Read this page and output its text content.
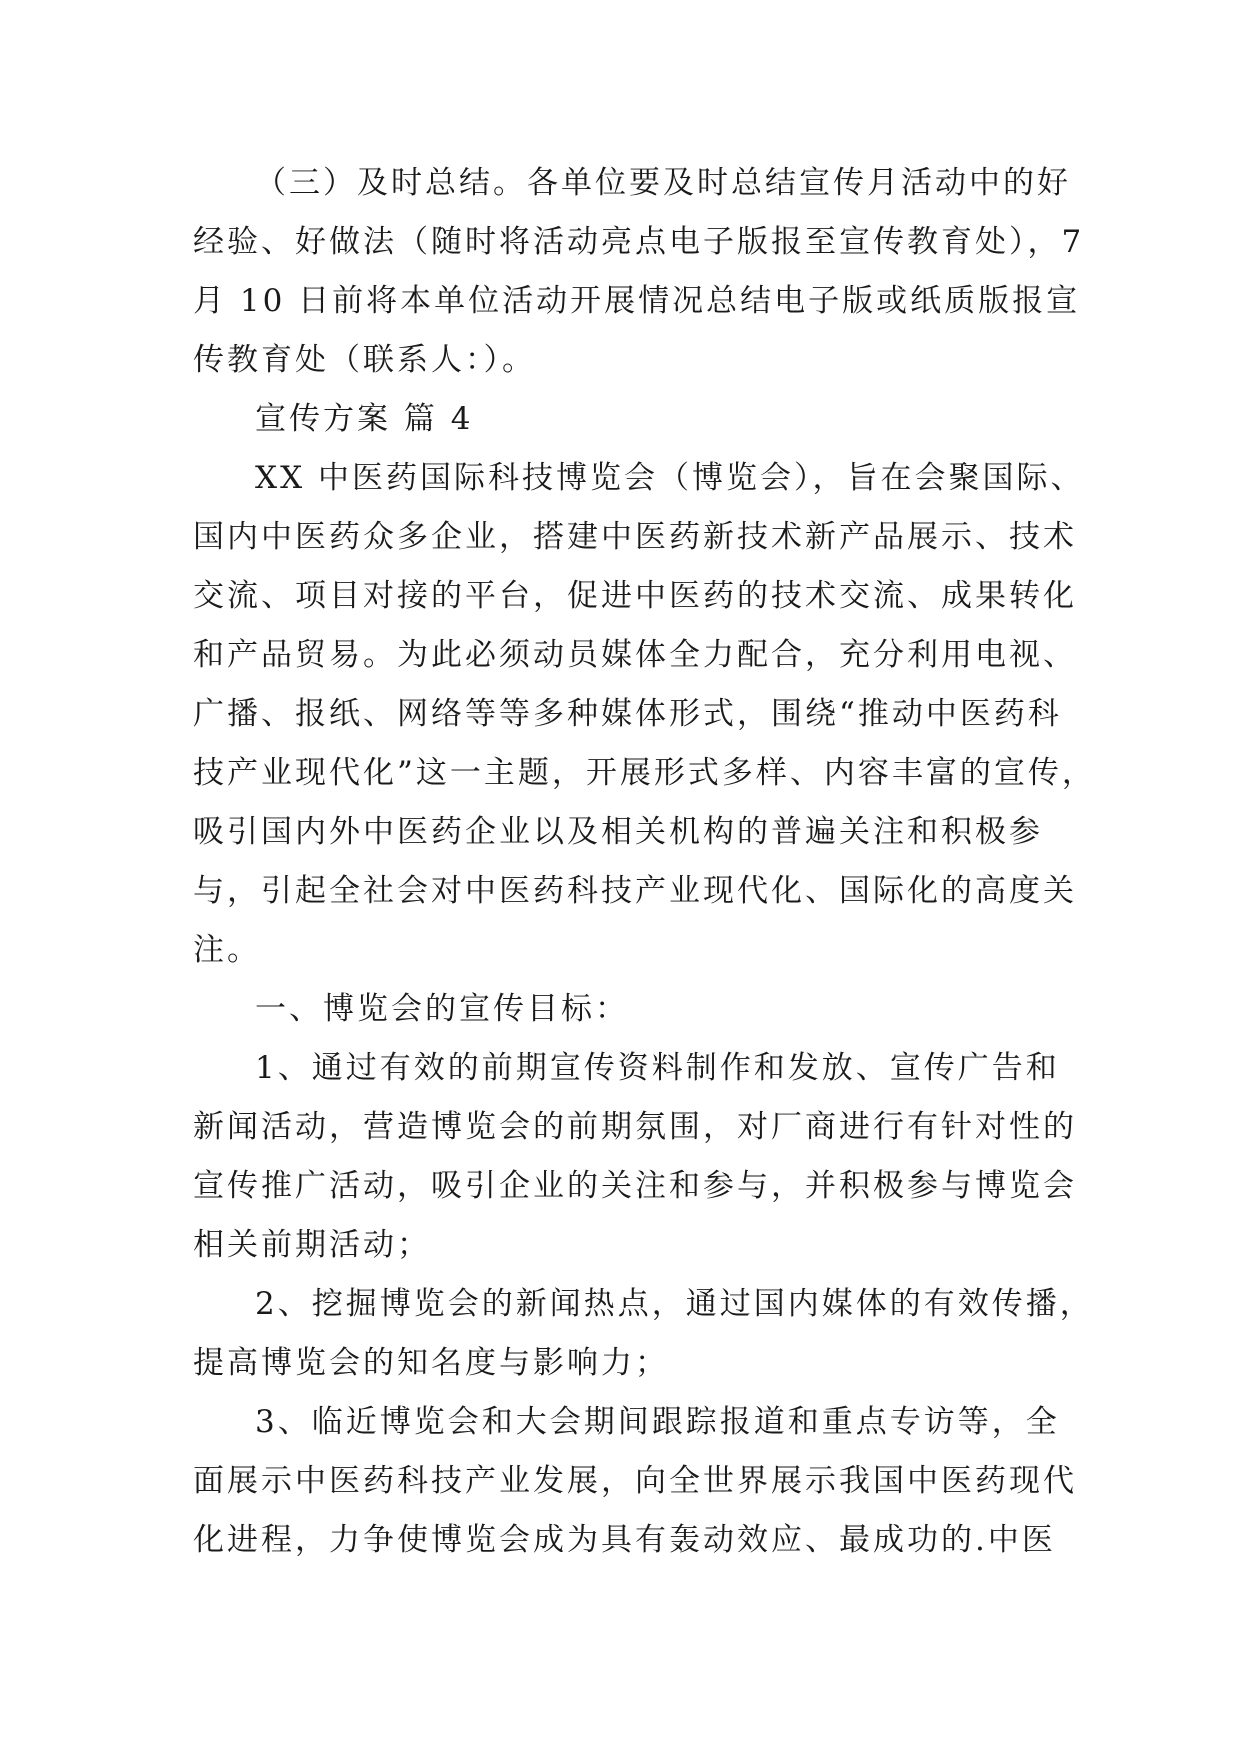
（三）及时总结。各单位要及时总结宣传月活动中的好
经验、好做法（随时将活动亮点电子版报至宣传教育处），7
月 10 日前将本单位活动开展情况总结电子版或纸质版报宣
传教育处（联系人：）。
宣传方案 篇 4
XX 中医药国际科技博览会（博览会），旨在会聚国际、
国内中医药众多企业，搭建中医药新技术新产品展示、技术
交流、项目对接的平台，促进中医药的技术交流、成果转化
和产品贸易。为此必须动员媒体全力配合，充分利用电视、
广播、报纸、网络等等多种媒体形式，围绕“推动中医药科
技产业现代化”这一主题，开展形式多样、内容丰富的宣传，
吸引国内外中医药企业以及相关机构的普遍关注和积极参
与，引起全社会对中医药科技产业现代化、国际化的高度关
注。
一、博览会的宣传目标：
1、通过有效的前期宣传资料制作和发放、宣传广告和
新闻活动，营造博览会的前期氛围，对厂商进行有针对性的
宣传推广活动，吸引企业的关注和参与，并积极参与博览会
相关前期活动；
2、挖掘博览会的新闻热点，通过国内媒体的有效传播，
提高博览会的知名度与影响力；
3、临近博览会和大会期间跟踪报道和重点专访等，全
面展示中医药科技产业发展，向全世界展示我国中医药现代
化进程，力争使博览会成为具有轰动效应、最成功的.中医
